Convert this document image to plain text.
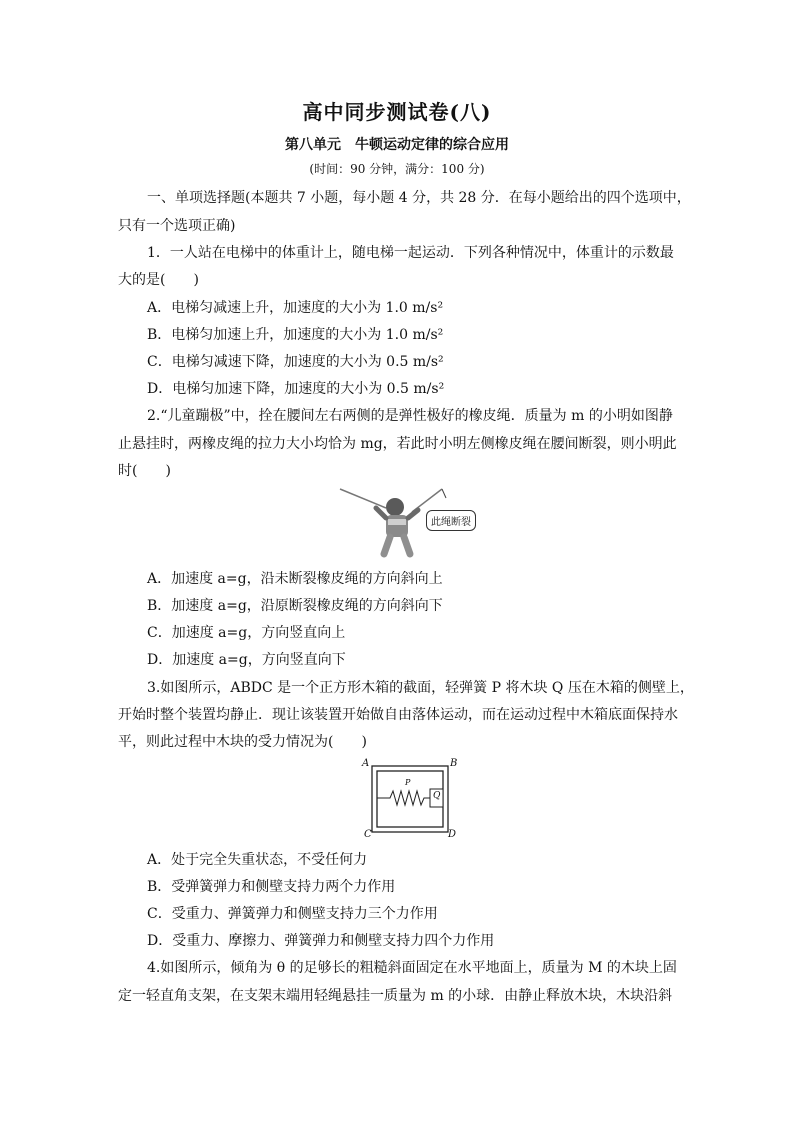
高中同步测试卷(八)
第八单元　牛顿运动定律的综合应用
(时间：90 分钟，满分：100 分)
一、单项选择题(本题共 7 小题，每小题 4 分，共 28 分．在每小题给出的四个选项中，
只有一个选项正确)
1．一人站在电梯中的体重计上，随电梯一起运动．下列各种情况中，体重计的示数最
大的是(　　)
A．电梯匀减速上升，加速度的大小为 1.0 m/s²
B．电梯匀加速上升，加速度的大小为 1.0 m/s²
C．电梯匀减速下降，加速度的大小为 0.5 m/s²
D．电梯匀加速下降，加速度的大小为 0.5 m/s²
2.“儿童蹦极”中，拴在腰间左右两侧的是弹性极好的橡皮绳．质量为 m 的小明如图静
止悬挂时，两橡皮绳的拉力大小均恰为 mg，若此时小明左侧橡皮绳在腰间断裂，则小明此
时(　　)
此绳断裂
A．加速度 a=g，沿未断裂橡皮绳的方向斜向上
B．加速度 a=g，沿原断裂橡皮绳的方向斜向下
C．加速度 a=g，方向竖直向上
D．加速度 a=g，方向竖直向下
3.如图所示，ABDC 是一个正方形木箱的截面，轻弹簧 P 将木块 Q 压在木箱的侧壁上，
开始时整个装置均静止．现让该装置开始做自由落体运动，而在运动过程中木箱底面保持水
平，则此过程中木块的受力情况为(　　)
A	B
C	D
P
Q
A．处于完全失重状态，不受任何力
B．受弹簧弹力和侧壁支持力两个力作用
C．受重力、弹簧弹力和侧壁支持力三个力作用
D．受重力、摩擦力、弹簧弹力和侧壁支持力四个力作用
4.如图所示，倾角为 θ 的足够长的粗糙斜面固定在水平地面上，质量为 M 的木块上固
定一轻直角支架，在支架末端用轻绳悬挂一质量为 m 的小球．由静止释放木块，木块沿斜
